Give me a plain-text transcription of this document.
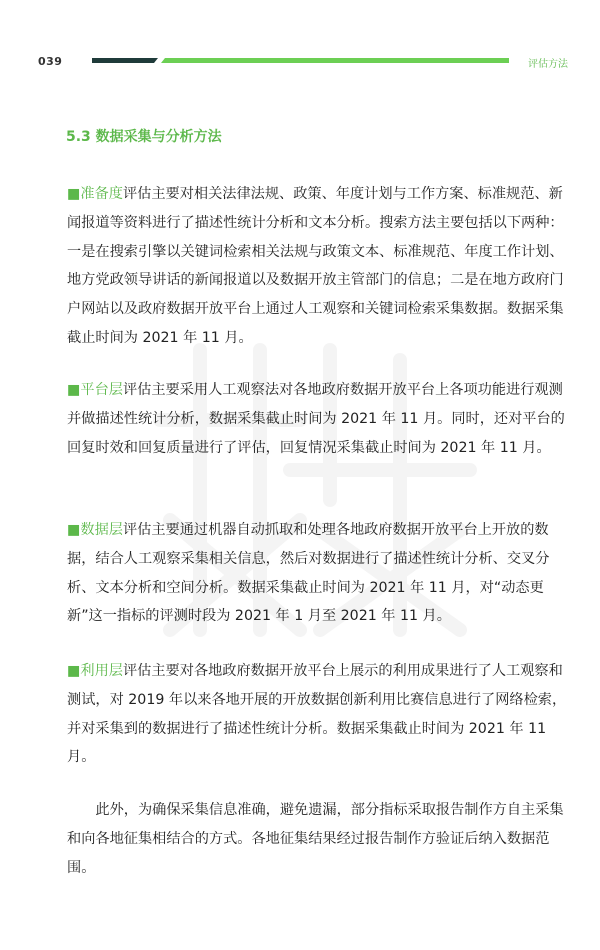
039	评估方法
5.3 数据采集与分析方法

■准备度评估主要对相关法律法规、政策、年度计划与工作方案、标准规范、新闻报道等资料进行了描述性统计分析和文本分析。搜索方法主要包括以下两种：一是在搜索引擎以关键词检索相关法规与政策文本、标准规范、年度工作计划、地方党政领导讲话的新闻报道以及数据开放主管部门的信息；二是在地方政府门户网站以及政府数据开放平台上通过人工观察和关键词检索采集数据。数据采集截止时间为 2021 年 11 月。

■平台层评估主要采用人工观察法对各地政府数据开放平台上各项功能进行观测并做描述性统计分析，数据采集截止时间为 2021 年 11 月。同时，还对平台的回复时效和回复质量进行了评估，回复情况采集截止时间为 2021 年 11 月。

■数据层评估主要通过机器自动抓取和处理各地政府数据开放平台上开放的数据，结合人工观察采集相关信息，然后对数据进行了描述性统计分析、交叉分析、文本分析和空间分析。数据采集截止时间为 2021 年 11 月，对“动态更新”这一指标的评测时段为 2021 年 1 月至 2021 年 11 月。

■利用层评估主要对各地政府数据开放平台上展示的利用成果进行了人工观察和测试，对 2019 年以来各地开展的开放数据创新利用比赛信息进行了网络检索，并对采集到的数据进行了描述性统计分析。数据采集截止时间为 2021 年 11 月。

此外，为确保采集信息准确，避免遗漏，部分指标采取报告制作方自主采集和向各地征集相结合的方式。各地征集结果经过报告制作方验证后纳入数据范围。
